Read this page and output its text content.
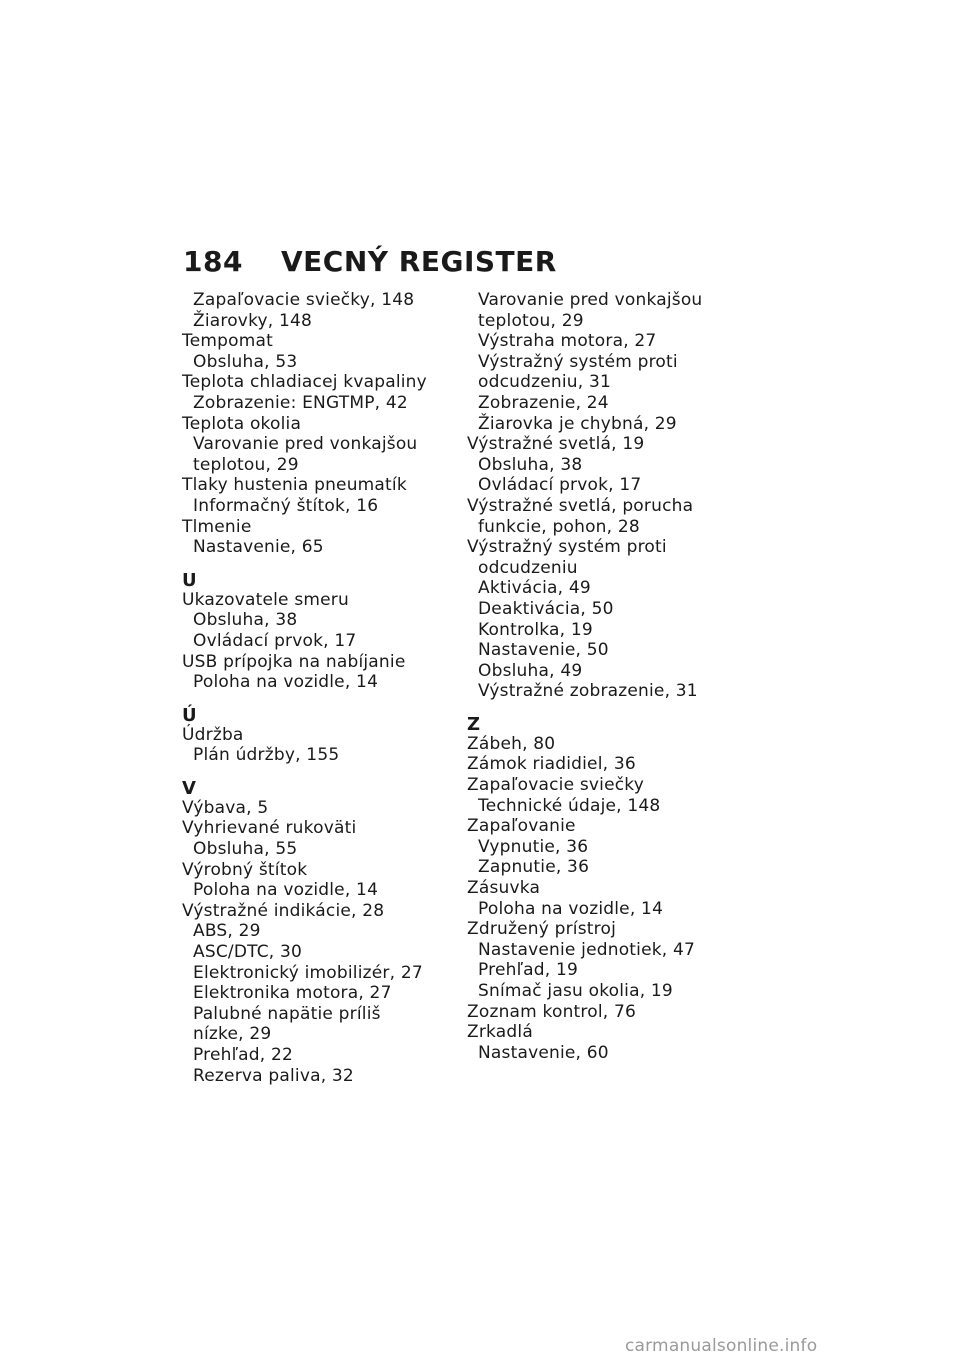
184 VECNÝ REGISTER
Zapaľovacie sviečky, 148
Žiarovky, 148
Tempomat
Obsluha, 53
Teplota chladiacej kvapaliny
Zobrazenie: ENGTMP, 42
Teplota okolia
Varovanie pred vonkajšou
teplotou, 29
Tlaky hustenia pneumatík
Informačný štítok, 16
Tlmenie
Nastavenie, 65
U
Ukazovatele smeru
Obsluha, 38
Ovládací prvok, 17
USB prípojka na nabíjanie
Poloha na vozidle, 14
Ú
Údržba
Plán údržby, 155
V
Výbava, 5
Vyhrievané rukoväti
Obsluha, 55
Výrobný štítok
Poloha na vozidle, 14
Výstražné indikácie, 28
ABS, 29
ASC/DTC, 30
Elektronický imobilizér, 27
Elektronika motora, 27
Palubné napätie príliš
nízke, 29
Prehľad, 22
Rezerva paliva, 32
Varovanie pred vonkajšou
teplotou, 29
Výstraha motora, 27
Výstražný systém proti
odcudzeniu, 31
Zobrazenie, 24
Žiarovka je chybná, 29
Výstražné svetlá, 19
Obsluha, 38
Ovládací prvok, 17
Výstražné svetlá, porucha
funkcie, pohon, 28
Výstražný systém proti
odcudzeniu
Aktivácia, 49
Deaktivácia, 50
Kontrolka, 19
Nastavenie, 50
Obsluha, 49
Výstražné zobrazenie, 31
Z
Zábeh, 80
Zámok riadidiel, 36
Zapaľovacie sviečky
Technické údaje, 148
Zapaľovanie
Vypnutie, 36
Zapnutie, 36
Zásuvka
Poloha na vozidle, 14
Združený prístroj
Nastavenie jednotiek, 47
Prehľad, 19
Snímač jasu okolia, 19
Zoznam kontrol, 76
Zrkadlá
Nastavenie, 60
carmanualsonline.info
